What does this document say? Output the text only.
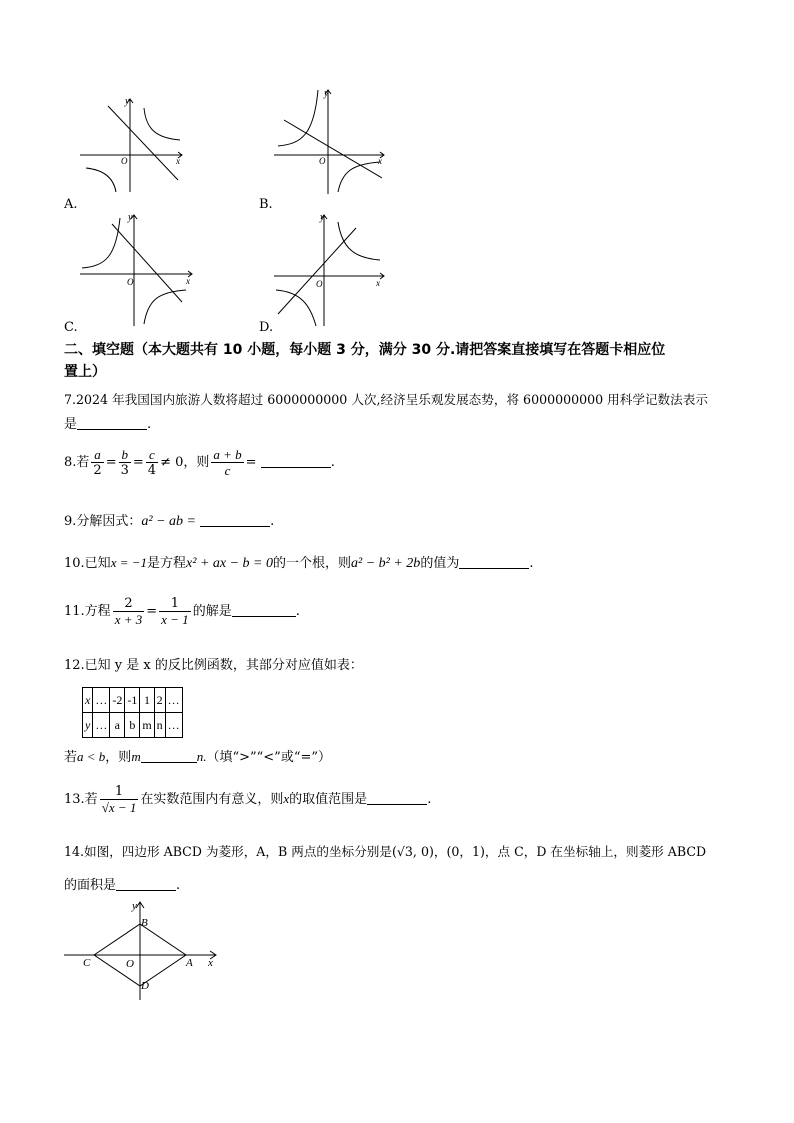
y
x
O
A.
y
x
O
B.
y
x
O
C.
y
x
O
D.
二、填空题（本大题共有 10 小题，每小题 3 分，满分 30 分.请把答案直接填写在答题卡相应位
置上）
7.2024 年我国国内旅游人数将超过 6000000000 人次,经济呈乐观发展态势，将 6000000000 用科学记数法表示
是	.
8.若 $\frac{a}{2} = \frac{b}{3} = \frac{c}{4} \ne 0$，则 $\frac{a + b}{c}$ =	.
9.分解因式：a² − ab =	.
10.已知x = −1是方程x² + ax − b = 0的一个根，则a² − b² + 2b的值为	.
11.方程 $\frac{2}{x + 3} = \frac{1}{x - 1}$ 的解是	.
12.已知 y 是 x 的反比例函数，其部分对应值如表：
x	…	-2	-1	1	2	…
y	…	a	b	m	n	…
若a < b，则m	n.（填“>”“<”或“=”）
13.若 $\frac{1}{√x - 1}$ 在实数范围内有意义，则x的取值范围是	.
14.如图，四边形 ABCD 为菱形，A，B 两点的坐标分别是(√3, 0)，(0，1)，点 C，D 在坐标轴上，则菱形 ABCD
的面积是	.
y
x
B
C	O	A
D
